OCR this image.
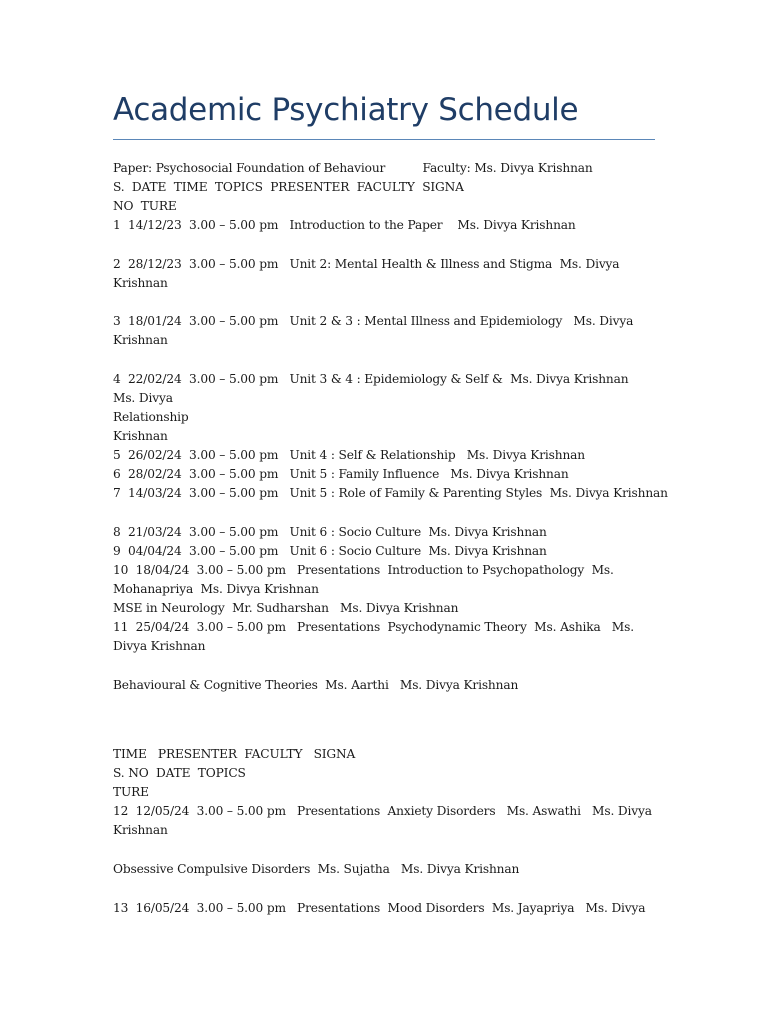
Academic Psychiatry Schedule
Paper: Psychosocial Foundation of Behaviour          Faculty: Ms. Divya Krishnan
S.  DATE  TIME  TOPICS  PRESENTER  FACULTY  SIGNA
NO  TURE
1  14/12/23  3.00 – 5.00 pm   Introduction to the Paper    Ms. Divya Krishnan
2  28/12/23  3.00 – 5.00 pm   Unit 2: Mental Health & Illness and Stigma  Ms. Divya
Krishnan
3  18/01/24  3.00 – 5.00 pm   Unit 2 & 3 : Mental Illness and Epidemiology   Ms. Divya
Krishnan
4  22/02/24  3.00 – 5.00 pm   Unit 3 & 4 : Epidemiology & Self &  Ms. Divya Krishnan
Ms. Divya
Relationship
Krishnan
5  26/02/24  3.00 – 5.00 pm   Unit 4 : Self & Relationship   Ms. Divya Krishnan
6  28/02/24  3.00 – 5.00 pm   Unit 5 : Family Influence   Ms. Divya Krishnan
7  14/03/24  3.00 – 5.00 pm   Unit 5 : Role of Family & Parenting Styles  Ms. Divya Krishnan
8  21/03/24  3.00 – 5.00 pm   Unit 6 : Socio Culture  Ms. Divya Krishnan
9  04/04/24  3.00 – 5.00 pm   Unit 6 : Socio Culture  Ms. Divya Krishnan
10  18/04/24  3.00 – 5.00 pm   Presentations  Introduction to Psychopathology  Ms.
Mohanapriya  Ms. Divya Krishnan
MSE in Neurology  Mr. Sudharshan   Ms. Divya Krishnan
11  25/04/24  3.00 – 5.00 pm   Presentations  Psychodynamic Theory  Ms. Ashika   Ms.
Divya Krishnan
Behavioural & Cognitive Theories  Ms. Aarthi   Ms. Divya Krishnan
TIME   PRESENTER  FACULTY   SIGNA
S. NO  DATE  TOPICS
TURE
12  12/05/24  3.00 – 5.00 pm   Presentations  Anxiety Disorders   Ms. Aswathi   Ms. Divya
Krishnan
Obsessive Compulsive Disorders  Ms. Sujatha   Ms. Divya Krishnan
13  16/05/24  3.00 – 5.00 pm   Presentations  Mood Disorders  Ms. Jayapriya   Ms. Divya
